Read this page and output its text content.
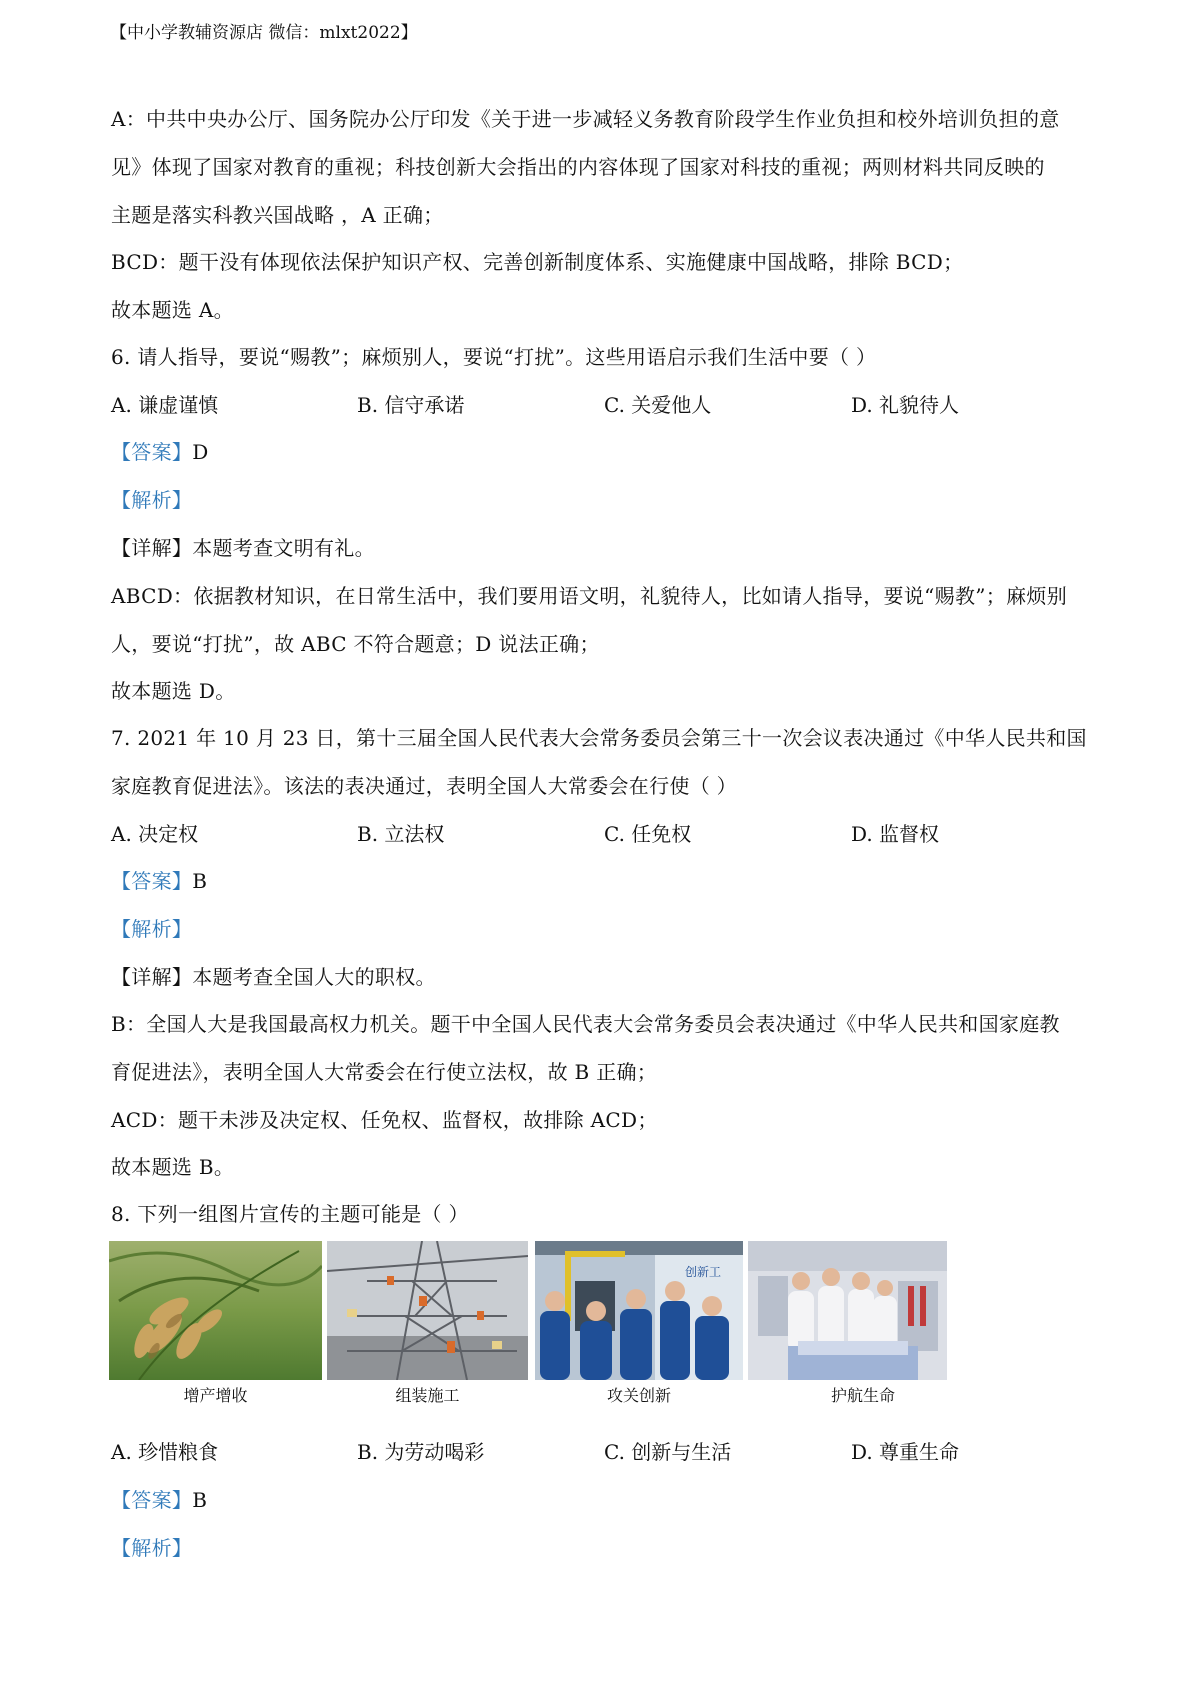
【中小学教辅资源店 微信：mlxt2022】
A：中共中央办公厅、国务院办公厅印发《关于进一步减轻义务教育阶段学生作业负担和校外培训负担的意
见》体现了国家对教育的重视；科技创新大会指出的内容体现了国家对科技的重视；两则材料共同反映的
主题是落实科教兴国战略 ，A 正确；
BCD：题干没有体现依法保护知识产权、完善创新制度体系、实施健康中国战略，排除 BCD；
故本题选 A。
6. 请人指导，要说“赐教”；麻烦别人，要说“打扰”。这些用语启示我们生活中要（ ）
A. 谦虚谨慎	B. 信守承诺	C. 关爱他人	D. 礼貌待人
【答案】D
【解析】
【详解】本题考查文明有礼。
ABCD：依据教材知识，在日常生活中，我们要用语文明，礼貌待人，比如请人指导，要说“赐教”；麻烦别
人，要说“打扰”，故 ABC 不符合题意；D 说法正确；
故本题选 D。
7. 2021 年 10 月 23 日，第十三届全国人民代表大会常务委员会第三十一次会议表决通过《中华人民共和国
家庭教育促进法》。该法的表决通过，表明全国人大常委会在行使（ ）
A. 决定权	B. 立法权	C. 任免权	D. 监督权
【答案】B
【解析】
【详解】本题考查全国人大的职权。
B：全国人大是我国最高权力机关。题干中全国人民代表大会常务委员会表决通过《中华人民共和国家庭教
育促进法》，表明全国人大常委会在行使立法权，故 B 正确；
ACD：题干未涉及决定权、任免权、监督权，故排除 ACD；
故本题选 B。
8. 下列一组图片宣传的主题可能是（ ）
创新工
增产增收	组装施工	攻关创新	护航生命
A. 珍惜粮食	B. 为劳动喝彩	C. 创新与生活	D. 尊重生命
【答案】B
【解析】
